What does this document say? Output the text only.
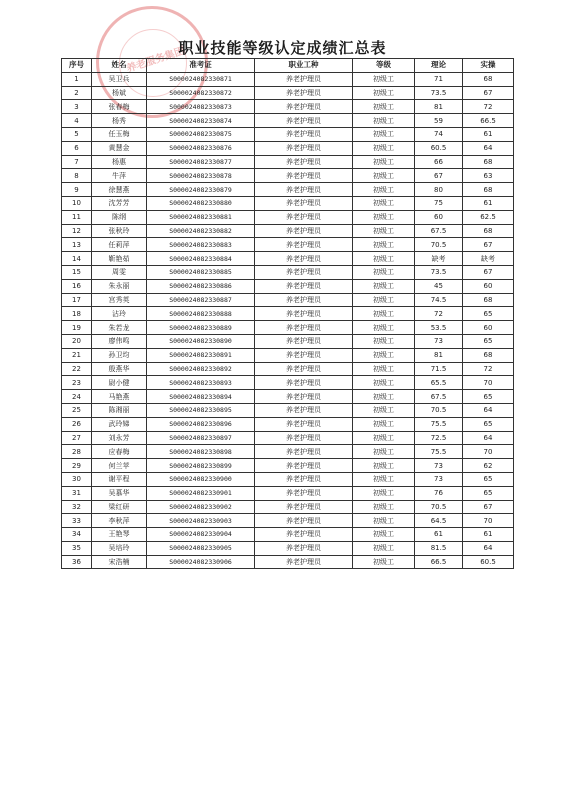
养老服务集团
职业技能等级认定成绩汇总表
序号	姓名	准考证	职业工种	等级	理论	实操
1	吴卫兵	S000024082330871	养老护理员	初级工	71	68
2	杨斌	S000024082330872	养老护理员	初级工	73.5	67
3	张春梅	S000024082330873	养老护理员	初级工	81	72
4	杨秀	S000024082330874	养老护理员	初级工	59	66.5
5	任玉梅	S000024082330875	养老护理员	初级工	74	61
6	黄慧金	S000024082330876	养老护理员	初级工	60.5	64
7	杨惠	S000024082330877	养老护理员	初级工	66	68
8	牛萍	S000024082330878	养老护理员	初级工	67	63
9	徐慧燕	S000024082330879	养老护理员	初级工	80	68
10	沈芳芳	S000024082330880	养老护理员	初级工	75	61
11	陈纲	S000024082330881	养老护理员	初级工	60	62.5
12	张秋玲	S000024082330882	养老护理员	初级工	67.5	68
13	任莉萍	S000024082330883	养老护理员	初级工	70.5	67
14	靳艳茹	S000024082330884	养老护理员	初级工	缺考	缺考
15	周雯	S000024082330885	养老护理员	初级工	73.5	67
16	朱永丽	S000024082330886	养老护理员	初级工	45	60
17	宫秀英	S000024082330887	养老护理员	初级工	74.5	68
18	沾玲	S000024082330888	养老护理员	初级工	72	65
19	朱若龙	S000024082330889	养老护理员	初级工	53.5	60
20	廖伟鸣	S000024082330890	养老护理员	初级工	73	65
21	孙卫均	S000024082330891	养老护理员	初级工	81	68
22	殷燕华	S000024082330892	养老护理员	初级工	71.5	72
23	尉小健	S000024082330893	养老护理员	初级工	65.5	70
24	马艳燕	S000024082330894	养老护理员	初级工	67.5	65
25	陈湘丽	S000024082330895	养老护理员	初级工	70.5	64
26	武玲娣	S000024082330896	养老护理员	初级工	75.5	65
27	刘永芳	S000024082330897	养老护理员	初级工	72.5	64
28	应春梅	S000024082330898	养老护理员	初级工	75.5	70
29	何兰苹	S000024082330899	养老护理员	初级工	73	62
30	谢平程	S000024082330900	养老护理员	初级工	73	65
31	吴慕华	S000024082330901	养老护理员	初级工	76	65
32	梁红研	S000024082330902	养老护理员	初级工	70.5	67
33	李秋萍	S000024082330903	养老护理员	初级工	64.5	70
34	王艳琴	S000024082330904	养老护理员	初级工	61	61
35	吴培玲	S000024082330905	养老护理员	初级工	81.5	64
36	宋浩楠	S000024082330906	养老护理员	初级工	66.5	60.5
